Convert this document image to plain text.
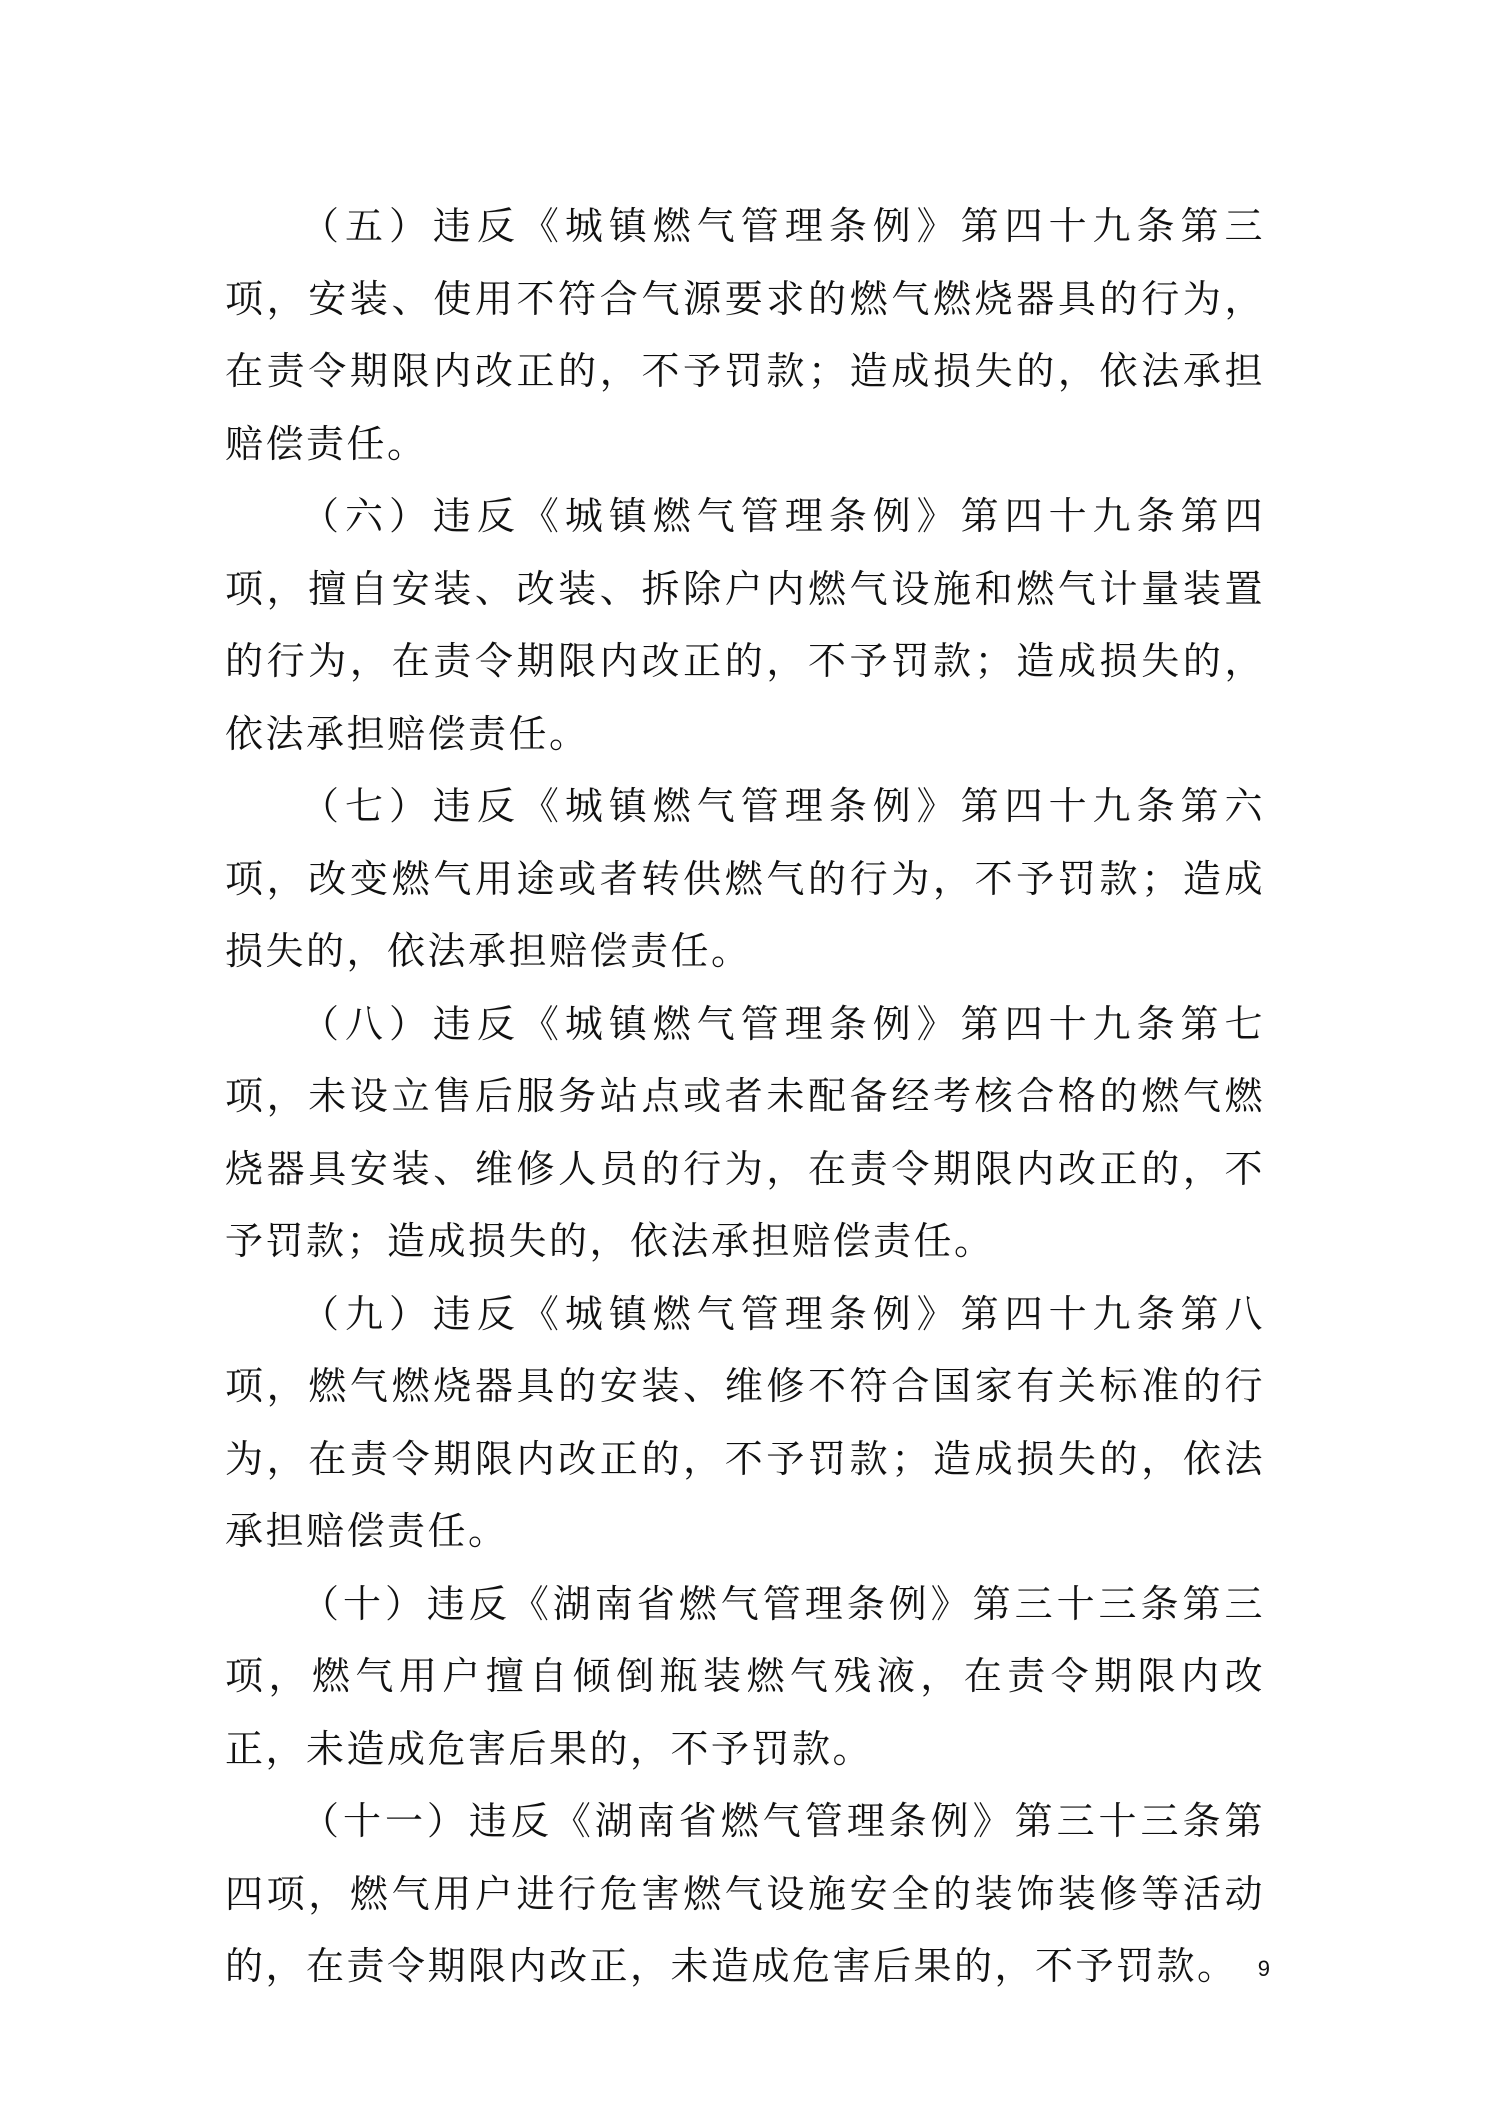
（五）违反《城镇燃气管理条例》第四十九条第三项，安装、使用不符合气源要求的燃气燃烧器具的行为，在责令期限内改正的，不予罚款；造成损失的，依法承担赔偿责任。

（六）违反《城镇燃气管理条例》第四十九条第四项，擅自安装、改装、拆除户内燃气设施和燃气计量装置的行为，在责令期限内改正的，不予罚款；造成损失的，依法承担赔偿责任。

（七）违反《城镇燃气管理条例》第四十九条第六项，改变燃气用途或者转供燃气的行为，不予罚款；造成损失的，依法承担赔偿责任。

（八）违反《城镇燃气管理条例》第四十九条第七项，未设立售后服务站点或者未配备经考核合格的燃气燃烧器具安装、维修人员的行为，在责令期限内改正的，不予罚款；造成损失的，依法承担赔偿责任。

（九）违反《城镇燃气管理条例》第四十九条第八项，燃气燃烧器具的安装、维修不符合国家有关标准的行为，在责令期限内改正的，不予罚款；造成损失的，依法承担赔偿责任。

（十）违反《湖南省燃气管理条例》第三十三条第三项，燃气用户擅自倾倒瓶装燃气残液，在责令期限内改正，未造成危害后果的，不予罚款。

（十一）违反《湖南省燃气管理条例》第三十三条第四项，燃气用户进行危害燃气设施安全的装饰装修等活动的，在责令期限内改正，未造成危害后果的，不予罚款。 9
